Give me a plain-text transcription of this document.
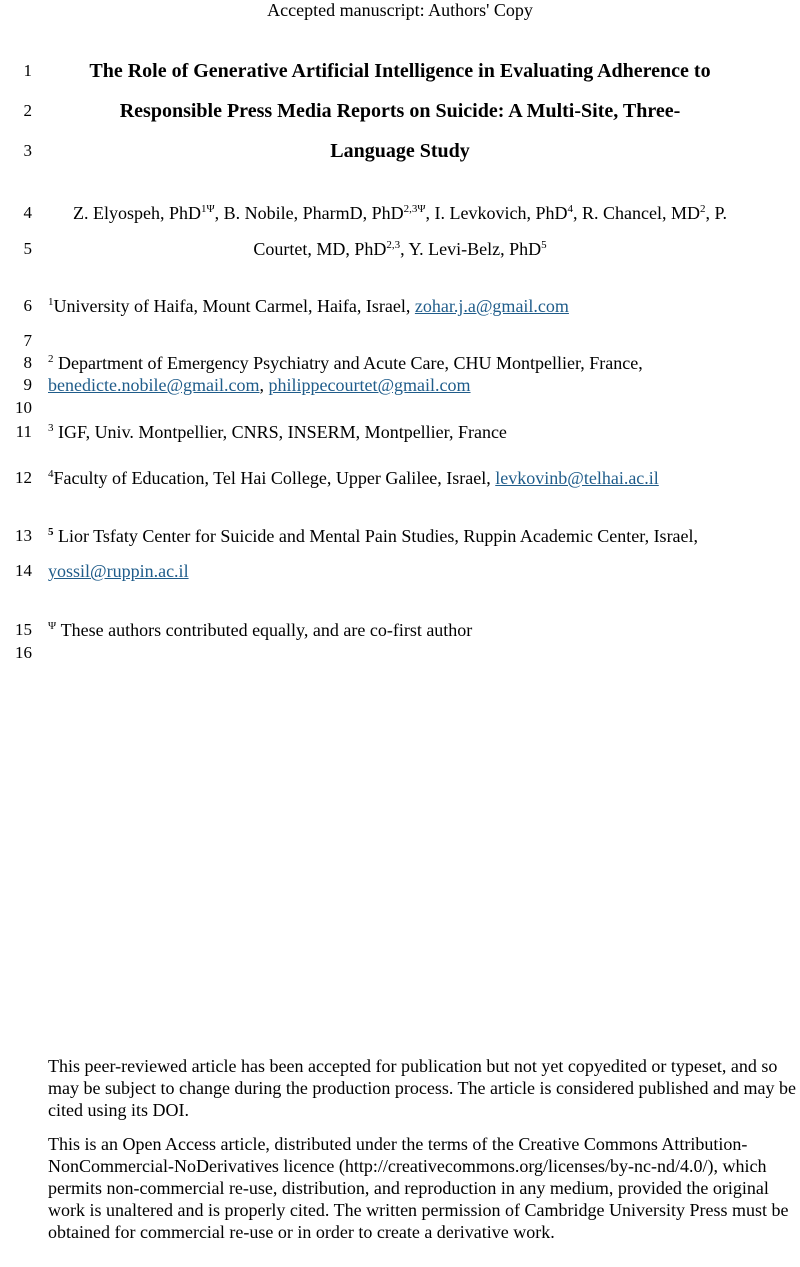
Accepted manuscript: Authors' Copy
1
2
3
4
5
6
7
8
9
10
11
12
13
14
15
16
The Role of Generative Artificial Intelligence in Evaluating Adherence to
Responsible Press Media Reports on Suicide: A Multi-Site, Three-
Language Study
Z. Elyospeh, PhD$^{1\Psi}$, B. Nobile, PharmD, PhD$^{2,3\Psi}$, I. Levkovich, PhD$^4$, R. Chancel, $MD^2$, P.
Courtet, MD, PhD$^{2,3}$, Y. Levi-Belz, PhD$^5$
$^1$University of Haifa, Mount Carmel, Haifa, Israel, zohar.j.a@gmail.com
$^2$ Department of Emergency Psychiatry and Acute Care, CHU Montpellier, France,
benedicte.nobile@gmail.com, philippecourtet@gmail.com
$^3$ IGF, Univ. Montpellier, CNRS, INSERM, Montpellier, France
$^4$Faculty of Education, Tel Hai College, Upper Galilee, Israel, levkovinb@telhai.ac.il
$^5$ Lior Tsfaty Center for Suicide and Mental Pain Studies, Ruppin Academic Center, Israel,
yossil@ruppin.ac.il
$^\Psi$ These authors contributed equally, and are co-first author
This peer-reviewed article has been accepted for publication but not yet copyedited or typeset, and so may be subject to change during the production process. The article is considered published and may be cited using its DOI.
This is an Open Access article, distributed under the terms of the Creative Commons Attribution-NonCommercial-NoDerivatives licence (http://creativecommons.org/licenses/by-nc-nd/4.0/), which permits non-commercial re-use, distribution, and reproduction in any medium, provided the original work is unaltered and is properly cited. The written permission of Cambridge University Press must be obtained for commercial re-use or in order to create a derivative work.
